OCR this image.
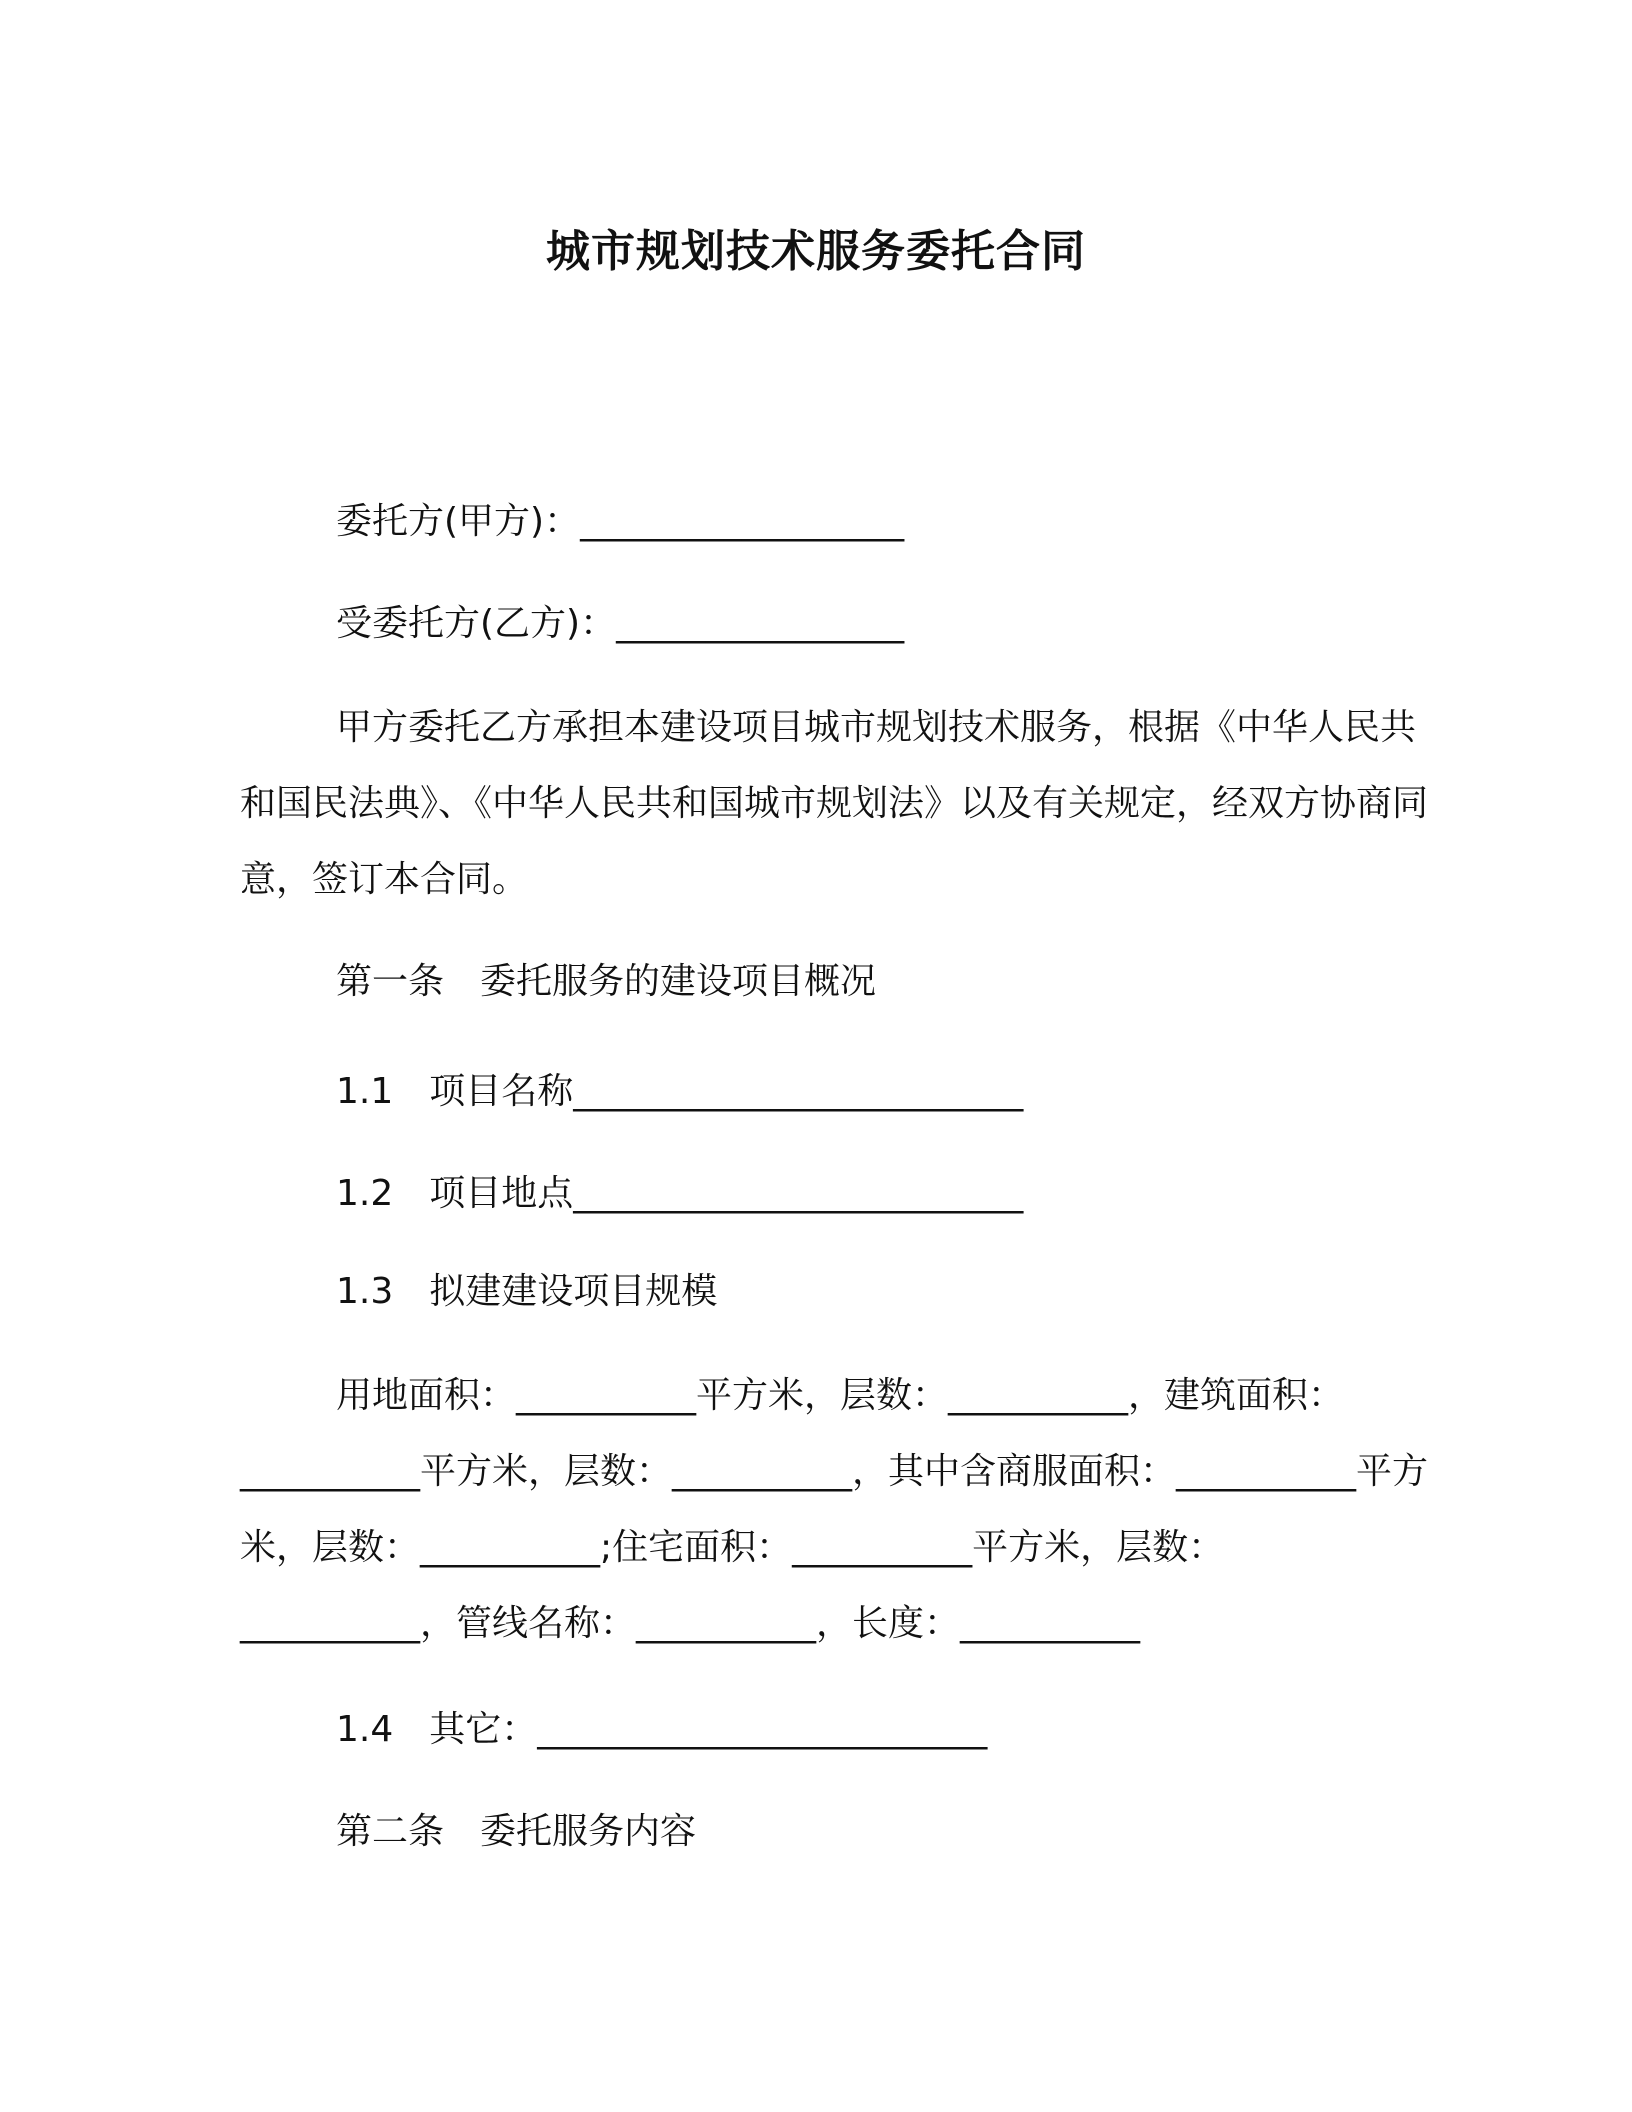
城市规划技术服务委托合同
委托方(甲方)：__________________
受委托方(乙方)：________________
甲方委托乙方承担本建设项目城市规划技术服务，根据《中华人民共和国民法典》、《中华人民共和国城市规划法》以及有关规定，经双方协商同意，签订本合同。
第一条　委托服务的建设项目概况
1.1　项目名称_________________________
1.2　项目地点_________________________
1.3　拟建建设项目规模
用地面积：__________平方米，层数：__________，建筑面积：__________平方米，层数：__________，其中含商服面积：__________平方米，层数：__________;住宅面积：__________平方米，层数：__________，管线名称：__________，长度：__________
1.4　其它：_________________________
第二条　委托服务内容
